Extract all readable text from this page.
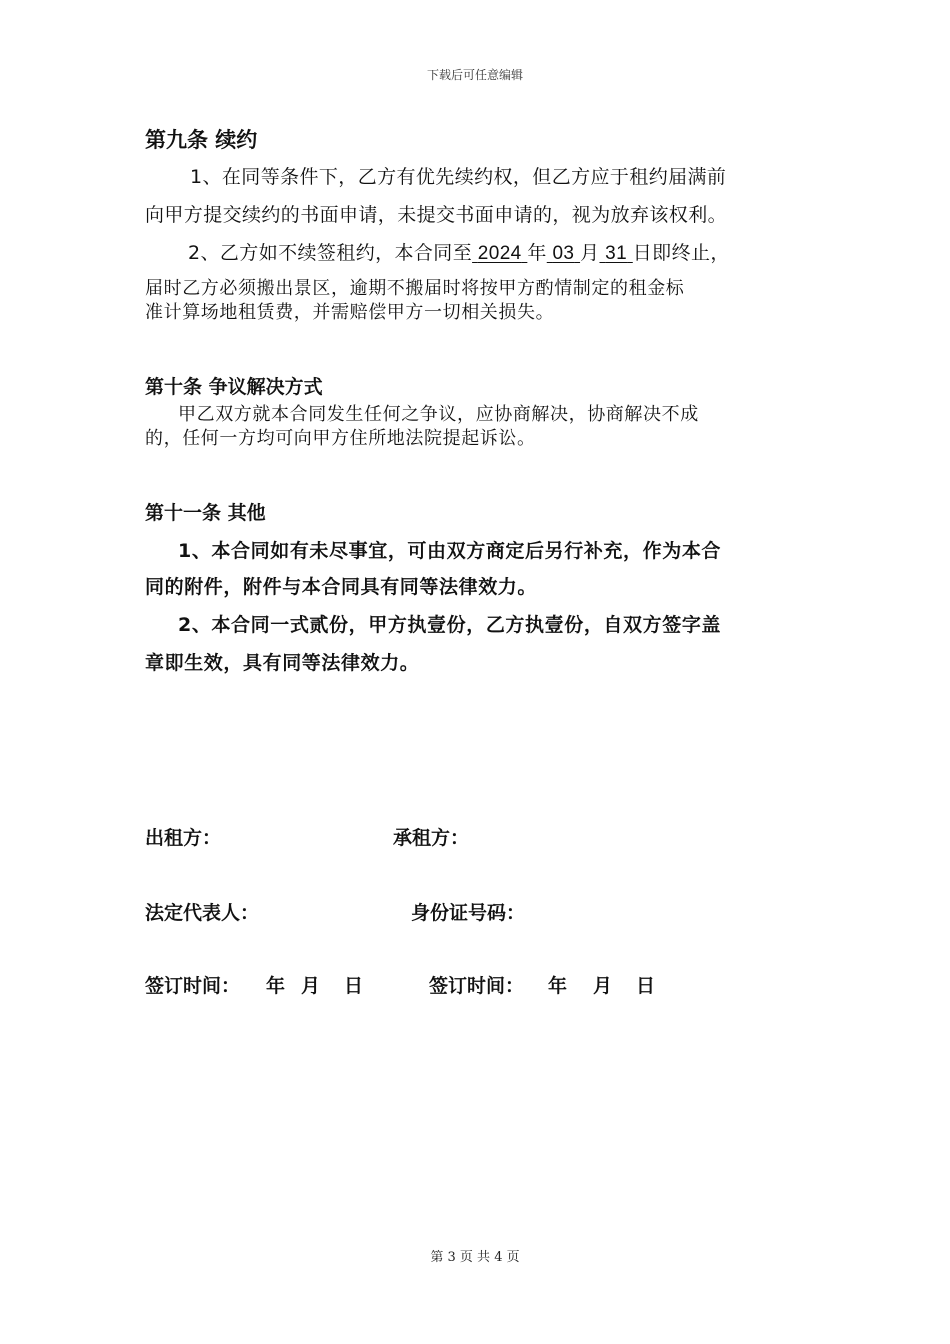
下载后可任意编辑
第九条 续约
1、在同等条件下，乙方有优先续约权，但乙方应于租约届满前
向甲方提交续约的书面申请，未提交书面申请的，视为放弃该权利。
2、乙方如不续签租约，本合同至 2024 年 03 月 31 日即终止，
届时乙方必须搬出景区，逾期不搬届时将按甲方酌情制定的租金标
准计算场地租赁费，并需赔偿甲方一切相关损失。
第十条 争议解决方式
甲乙双方就本合同发生任何之争议，应协商解决，协商解决不成
的，任何一方均可向甲方住所地法院提起诉讼。
第十一条 其他
1、本合同如有未尽事宜，可由双方商定后另行补充，作为本合
同的附件，附件与本合同具有同等法律效力。
2、本合同一式贰份，甲方执壹份，乙方执壹份，自双方签字盖
章即生效，具有同等法律效力。
出租方：	承租方：
法定代表人：	身份证号码：
签订时间： 年 月 日	签订时间： 年 月 日
第 3 页 共 4 页
